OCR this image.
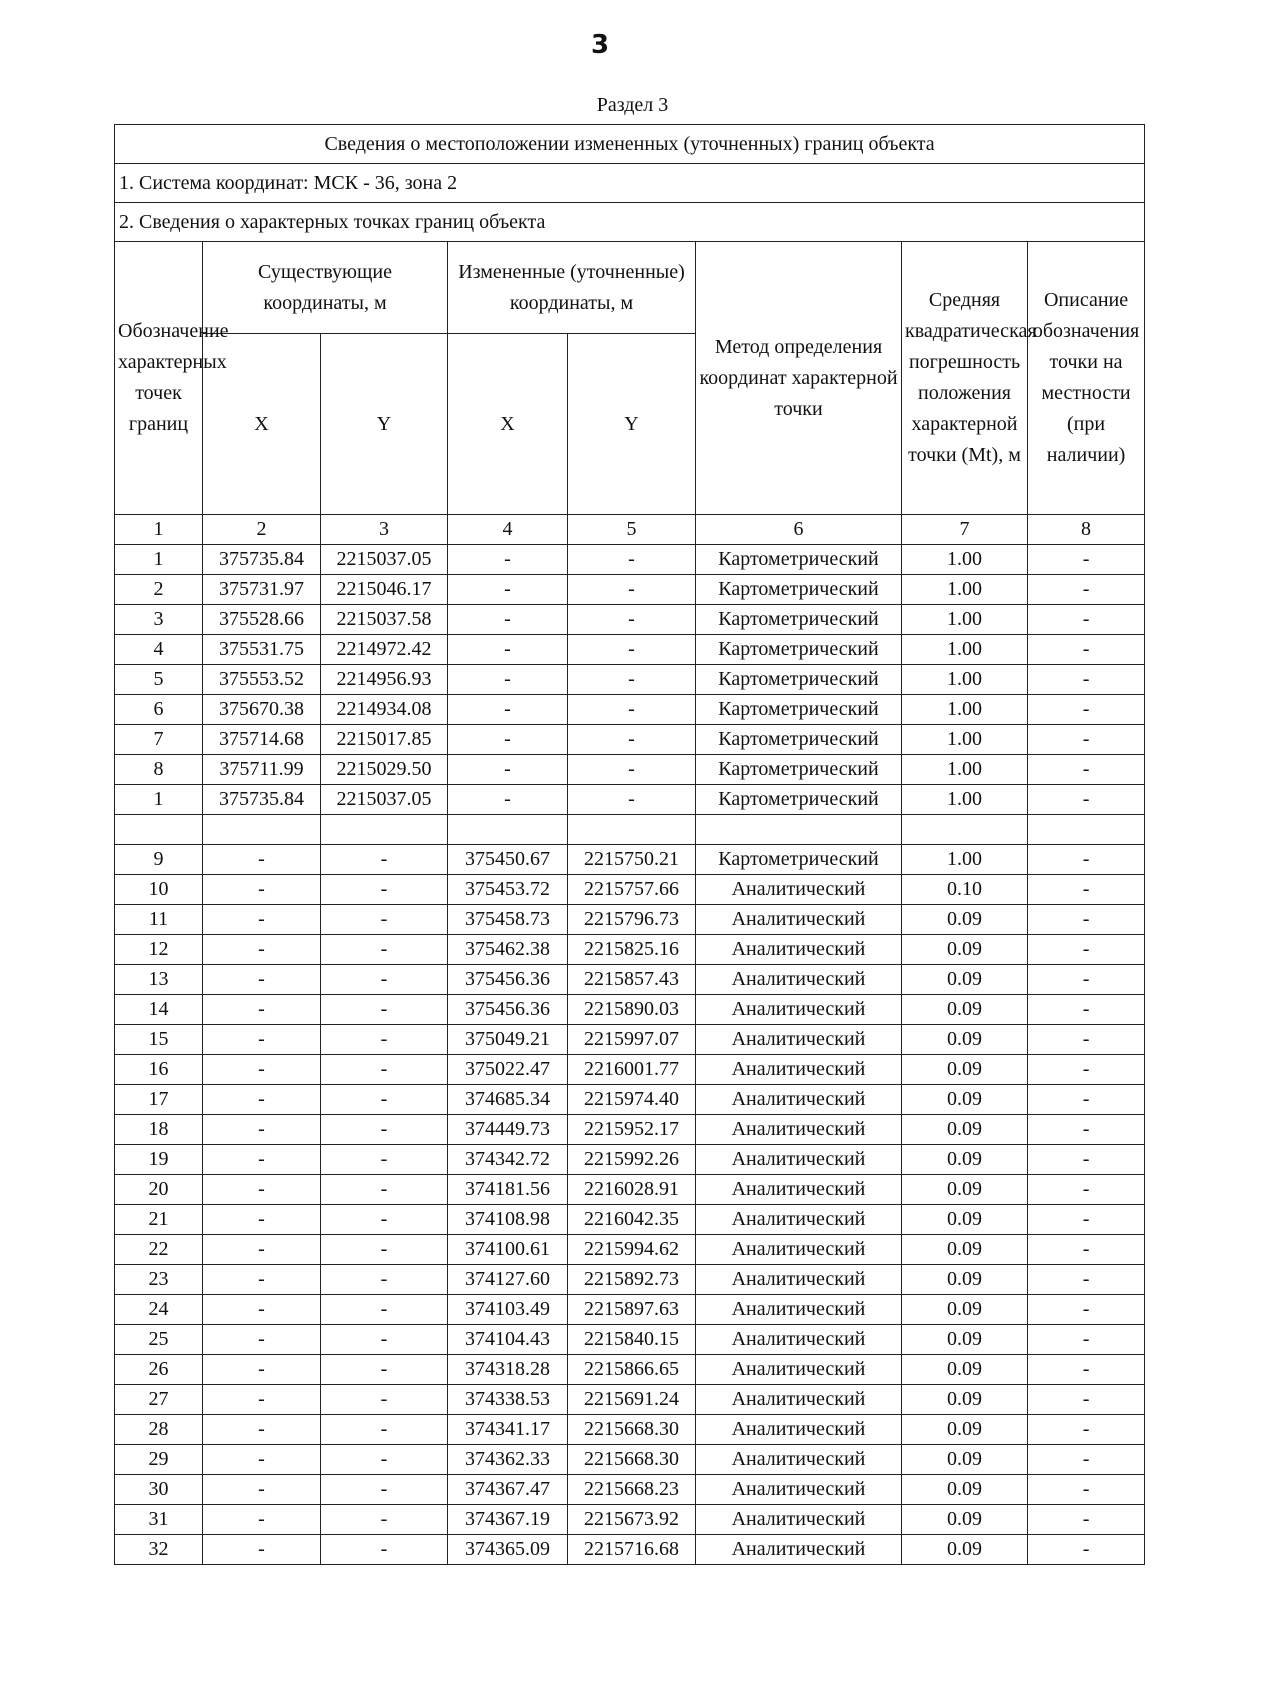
3
Раздел 3
Сведения о местоположении измененных (уточненных) границ объекта							
1. Система координат: МСК - 36, зона 2							
2. Сведения о характерных точках границ объекта							
Обозначение характерных точек границ	Существующие координаты, м		Измененные (уточненные) координаты, м		Метод определения координат характерной точки	Средняя квадратическая погрешность положения характерной точки (Mt), м	Описание обозначения точки на местности (при наличии)
	X	Y	X	Y			
1	2	3	4	5	6	7	8
1	375735.84	2215037.05	-	-	Картометрический	1.00	-
2	375731.97	2215046.17	-	-	Картометрический	1.00	-
3	375528.66	2215037.58	-	-	Картометрический	1.00	-
4	375531.75	2214972.42	-	-	Картометрический	1.00	-
5	375553.52	2214956.93	-	-	Картометрический	1.00	-
6	375670.38	2214934.08	-	-	Картометрический	1.00	-
7	375714.68	2215017.85	-	-	Картометрический	1.00	-
8	375711.99	2215029.50	-	-	Картометрический	1.00	-
1	375735.84	2215037.05	-	-	Картометрический	1.00	-

9	-	-	375450.67	2215750.21	Картометрический	1.00	-
10	-	-	375453.72	2215757.66	Аналитический	0.10	-
11	-	-	375458.73	2215796.73	Аналитический	0.09	-
12	-	-	375462.38	2215825.16	Аналитический	0.09	-
13	-	-	375456.36	2215857.43	Аналитический	0.09	-
14	-	-	375456.36	2215890.03	Аналитический	0.09	-
15	-	-	375049.21	2215997.07	Аналитический	0.09	-
16	-	-	375022.47	2216001.77	Аналитический	0.09	-
17	-	-	374685.34	2215974.40	Аналитический	0.09	-
18	-	-	374449.73	2215952.17	Аналитический	0.09	-
19	-	-	374342.72	2215992.26	Аналитический	0.09	-
20	-	-	374181.56	2216028.91	Аналитический	0.09	-
21	-	-	374108.98	2216042.35	Аналитический	0.09	-
22	-	-	374100.61	2215994.62	Аналитический	0.09	-
23	-	-	374127.60	2215892.73	Аналитический	0.09	-
24	-	-	374103.49	2215897.63	Аналитический	0.09	-
25	-	-	374104.43	2215840.15	Аналитический	0.09	-
26	-	-	374318.28	2215866.65	Аналитический	0.09	-
27	-	-	374338.53	2215691.24	Аналитический	0.09	-
28	-	-	374341.17	2215668.30	Аналитический	0.09	-
29	-	-	374362.33	2215668.30	Аналитический	0.09	-
30	-	-	374367.47	2215668.23	Аналитический	0.09	-
31	-	-	374367.19	2215673.92	Аналитический	0.09	-
32	-	-	374365.09	2215716.68	Аналитический	0.09	-
